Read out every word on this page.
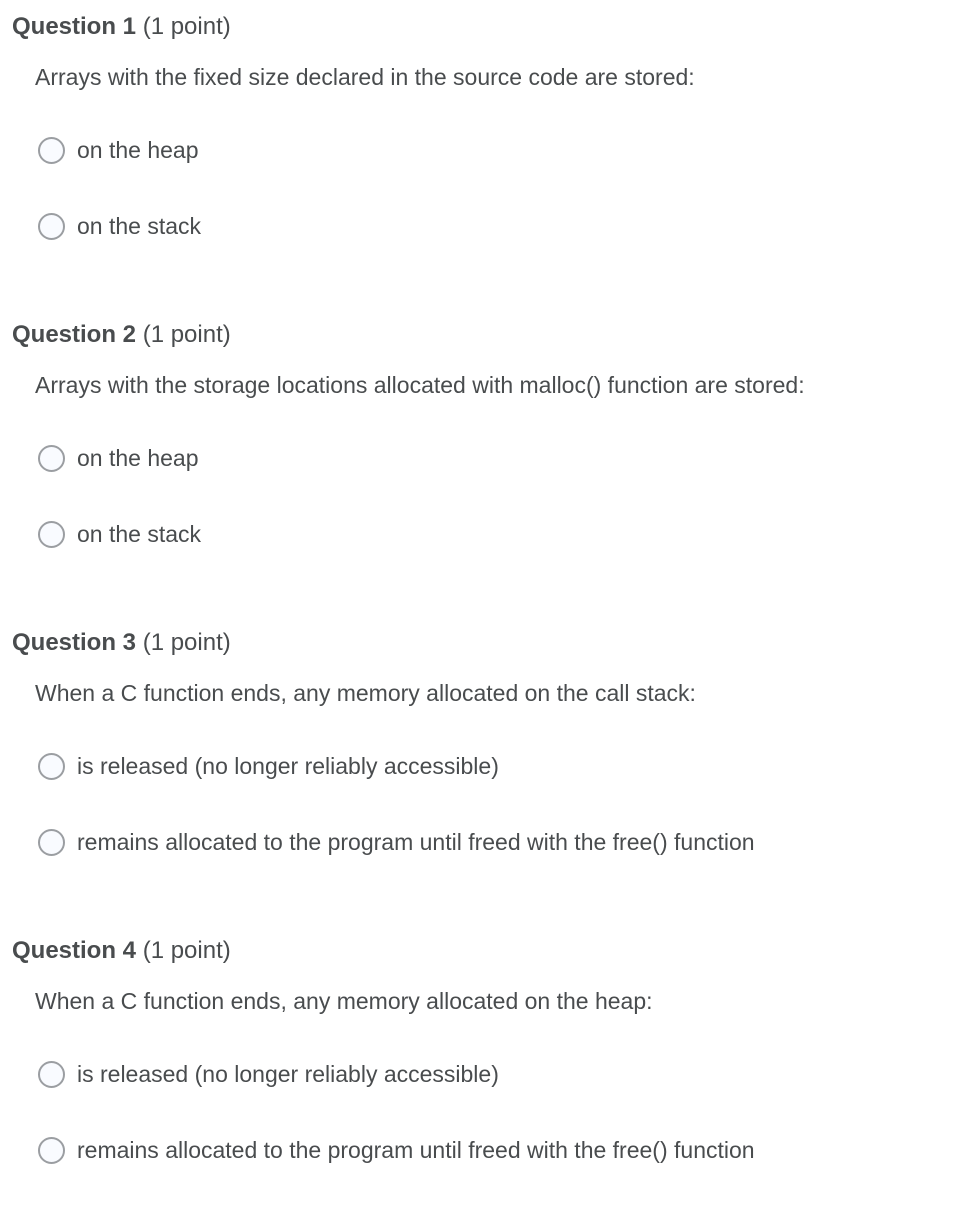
Question 1 (1 point)
Arrays with the fixed size declared in the source code are stored:
on the heap
on the stack
Question 2 (1 point)
Arrays with the storage locations allocated with malloc() function are stored:
on the heap
on the stack
Question 3 (1 point)
When a C function ends, any memory allocated on the call stack:
is released (no longer reliably accessible)
remains allocated to the program until freed with the free() function
Question 4 (1 point)
When a C function ends, any memory allocated on the heap:
is released (no longer reliably accessible)
remains allocated to the program until freed with the free() function
